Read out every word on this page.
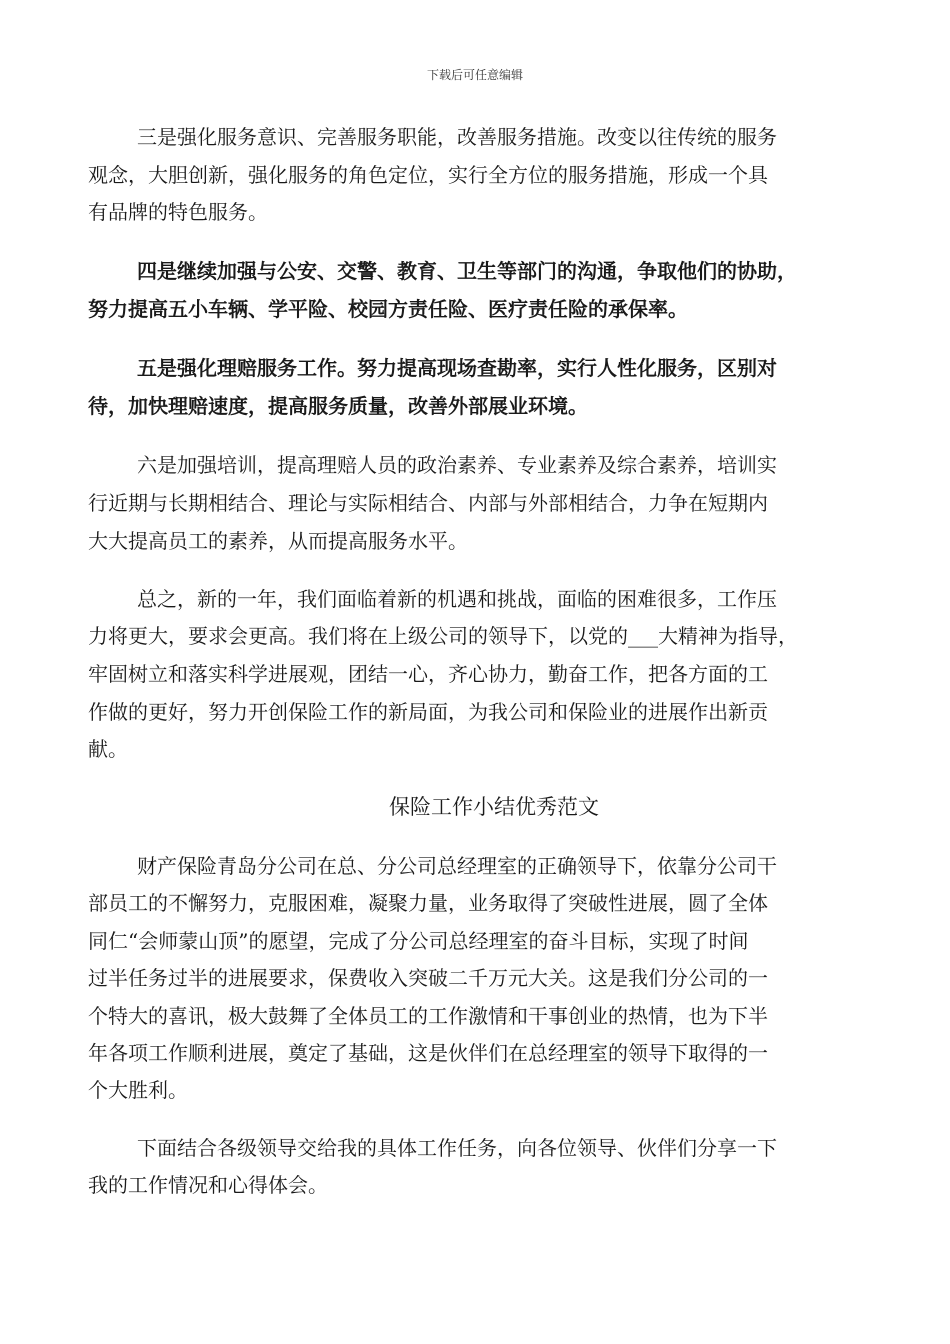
下载后可任意编辑
三是强化服务意识、完善服务职能，改善服务措施。改变以往传统的服务
观念，大胆创新，强化服务的角色定位，实行全方位的服务措施，形成一个具
有品牌的特色服务。
四是继续加强与公安、交警、教育、卫生等部门的沟通，争取他们的协助，
努力提高五小车辆、学平险、校园方责任险、医疗责任险的承保率。
五是强化理赔服务工作。努力提高现场查勘率，实行人性化服务，区别对
待，加快理赔速度，提高服务质量，改善外部展业环境。
六是加强培训，提高理赔人员的政治素养、专业素养及综合素养，培训实
行近期与长期相结合、理论与实际相结合、内部与外部相结合，力争在短期内
大大提高员工的素养，从而提高服务水平。
总之，新的一年，我们面临着新的机遇和挑战，面临的困难很多，工作压
力将更大，要求会更高。我们将在上级公司的领导下，以党的___大精神为指导，
牢固树立和落实科学进展观，团结一心，齐心协力，勤奋工作，把各方面的工
作做的更好，努力开创保险工作的新局面，为我公司和保险业的进展作出新贡
献。
保险工作小结优秀范文
财产保险青岛分公司在总、分公司总经理室的正确领导下，依靠分公司干
部员工的不懈努力，克服困难，凝聚力量，业务取得了突破性进展，圆了全体
同仁“会师蒙山顶”的愿望，完成了分公司总经理室的奋斗目标，实现了时间
过半任务过半的进展要求，保费收入突破二千万元大关。这是我们分公司的一
个特大的喜讯，极大鼓舞了全体员工的工作激情和干事创业的热情，也为下半
年各项工作顺利进展，奠定了基础，这是伙伴们在总经理室的领导下取得的一
个大胜利。
下面结合各级领导交给我的具体工作任务，向各位领导、伙伴们分享一下
我的工作情况和心得体会。
